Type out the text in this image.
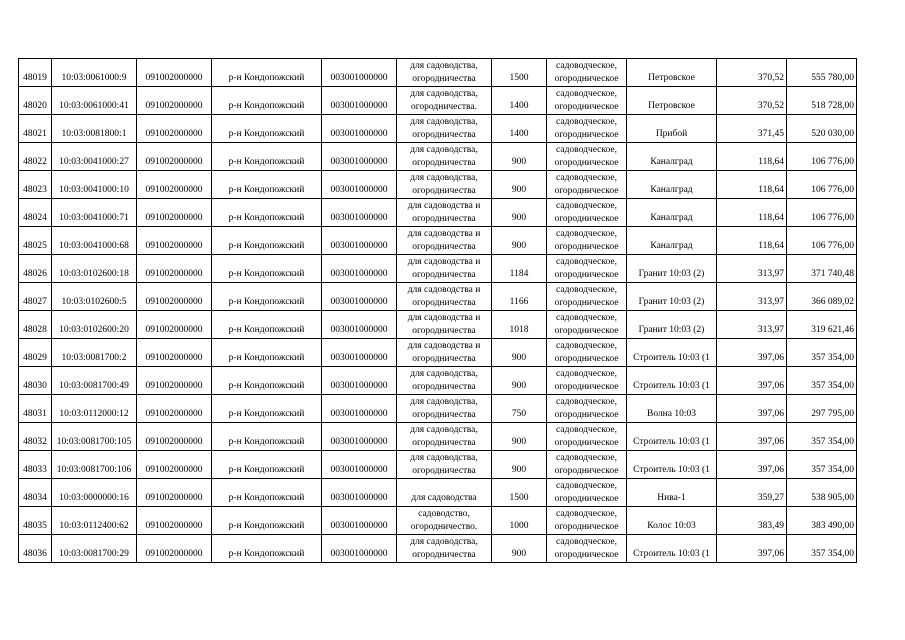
48019	10:03:0061000:9	091002000000	р-н Кондопожский	003001000000	для садоводства,
огородничества	1500	садоводческое,
огородническое	Петровское	370,52	555 780,00
48020	10:03:0061000:41	091002000000	р-н Кондопожский	003001000000	для садоводства,
огородничества.	1400	садоводческое,
огородническое	Петровское	370,52	518 728,00
48021	10:03:0081800:1	091002000000	р-н Кондопожский	003001000000	для садоводства,
огородничества	1400	садоводческое,
огородническое	Прибой	371,45	520 030,00
48022	10:03:0041000:27	091002000000	р-н Кондопожский	003001000000	для садоводства,
огородничества	900	садоводческое,
огородническое	Каналград	118,64	106 776,00
48023	10:03:0041000:10	091002000000	р-н Кондопожский	003001000000	для садоводства,
огородничества	900	садоводческое,
огородническое	Каналград	118,64	106 776,00
48024	10:03:0041000:71	091002000000	р-н Кондопожский	003001000000	для садоводства и
огородничества	900	садоводческое,
огородническое	Каналград	118,64	106 776,00
48025	10:03:0041000:68	091002000000	р-н Кондопожский	003001000000	для садоводства и
огородничества	900	садоводческое,
огородническое	Каналград	118,64	106 776,00
48026	10:03:0102600:18	091002000000	р-н Кондопожский	003001000000	для садоводства и
огородничества	1184	садоводческое,
огородническое	Гранит 10:03 (2)	313,97	371 740,48
48027	10:03:0102600:5	091002000000	р-н Кондопожский	003001000000	для садоводства и
огородничества	1166	садоводческое,
огородническое	Гранит 10:03 (2)	313,97	366 089,02
48028	10:03:0102600:20	091002000000	р-н Кондопожский	003001000000	для садоводства и
огородничества	1018	садоводческое,
огородническое	Гранит 10:03 (2)	313,97	319 621,46
48029	10:03:0081700:2	091002000000	р-н Кондопожский	003001000000	для садоводства и
огородничества	900	садоводческое,
огородническое	Строитель 10:03 (1	397,06	357 354,00
48030	10:03:0081700:49	091002000000	р-н Кондопожский	003001000000	для садоводства,
огородничества	900	садоводческое,
огородническое	Строитель 10:03 (1	397,06	357 354,00
48031	10:03:0112000:12	091002000000	р-н Кондопожский	003001000000	для садоводства,
огородничества	750	садоводческое,
огородническое	Волна 10:03	397,06	297 795,00
48032	10:03:0081700:105	091002000000	р-н Кондопожский	003001000000	для садоводства,
огородничества	900	садоводческое,
огородническое	Строитель 10:03 (1	397,06	357 354,00
48033	10:03:0081700:106	091002000000	р-н Кондопожский	003001000000	для садоводства,
огородничества	900	садоводческое,
огородническое	Строитель 10:03 (1	397,06	357 354,00
48034	10:03:0000000:16	091002000000	р-н Кондопожский	003001000000	для садоводства	1500	садоводческое,
огородническое	Нива-1	359,27	538 905,00
48035	10:03:0112400:62	091002000000	р-н Кондопожский	003001000000	садоводство,
огородничество.	1000	садоводческое,
огородническое	Колос 10:03	383,49	383 490,00
48036	10:03:0081700:29	091002000000	р-н Кондопожский	003001000000	для садоводства,
огородничества	900	садоводческое,
огородническое	Строитель 10:03 (1	397,06	357 354,00
